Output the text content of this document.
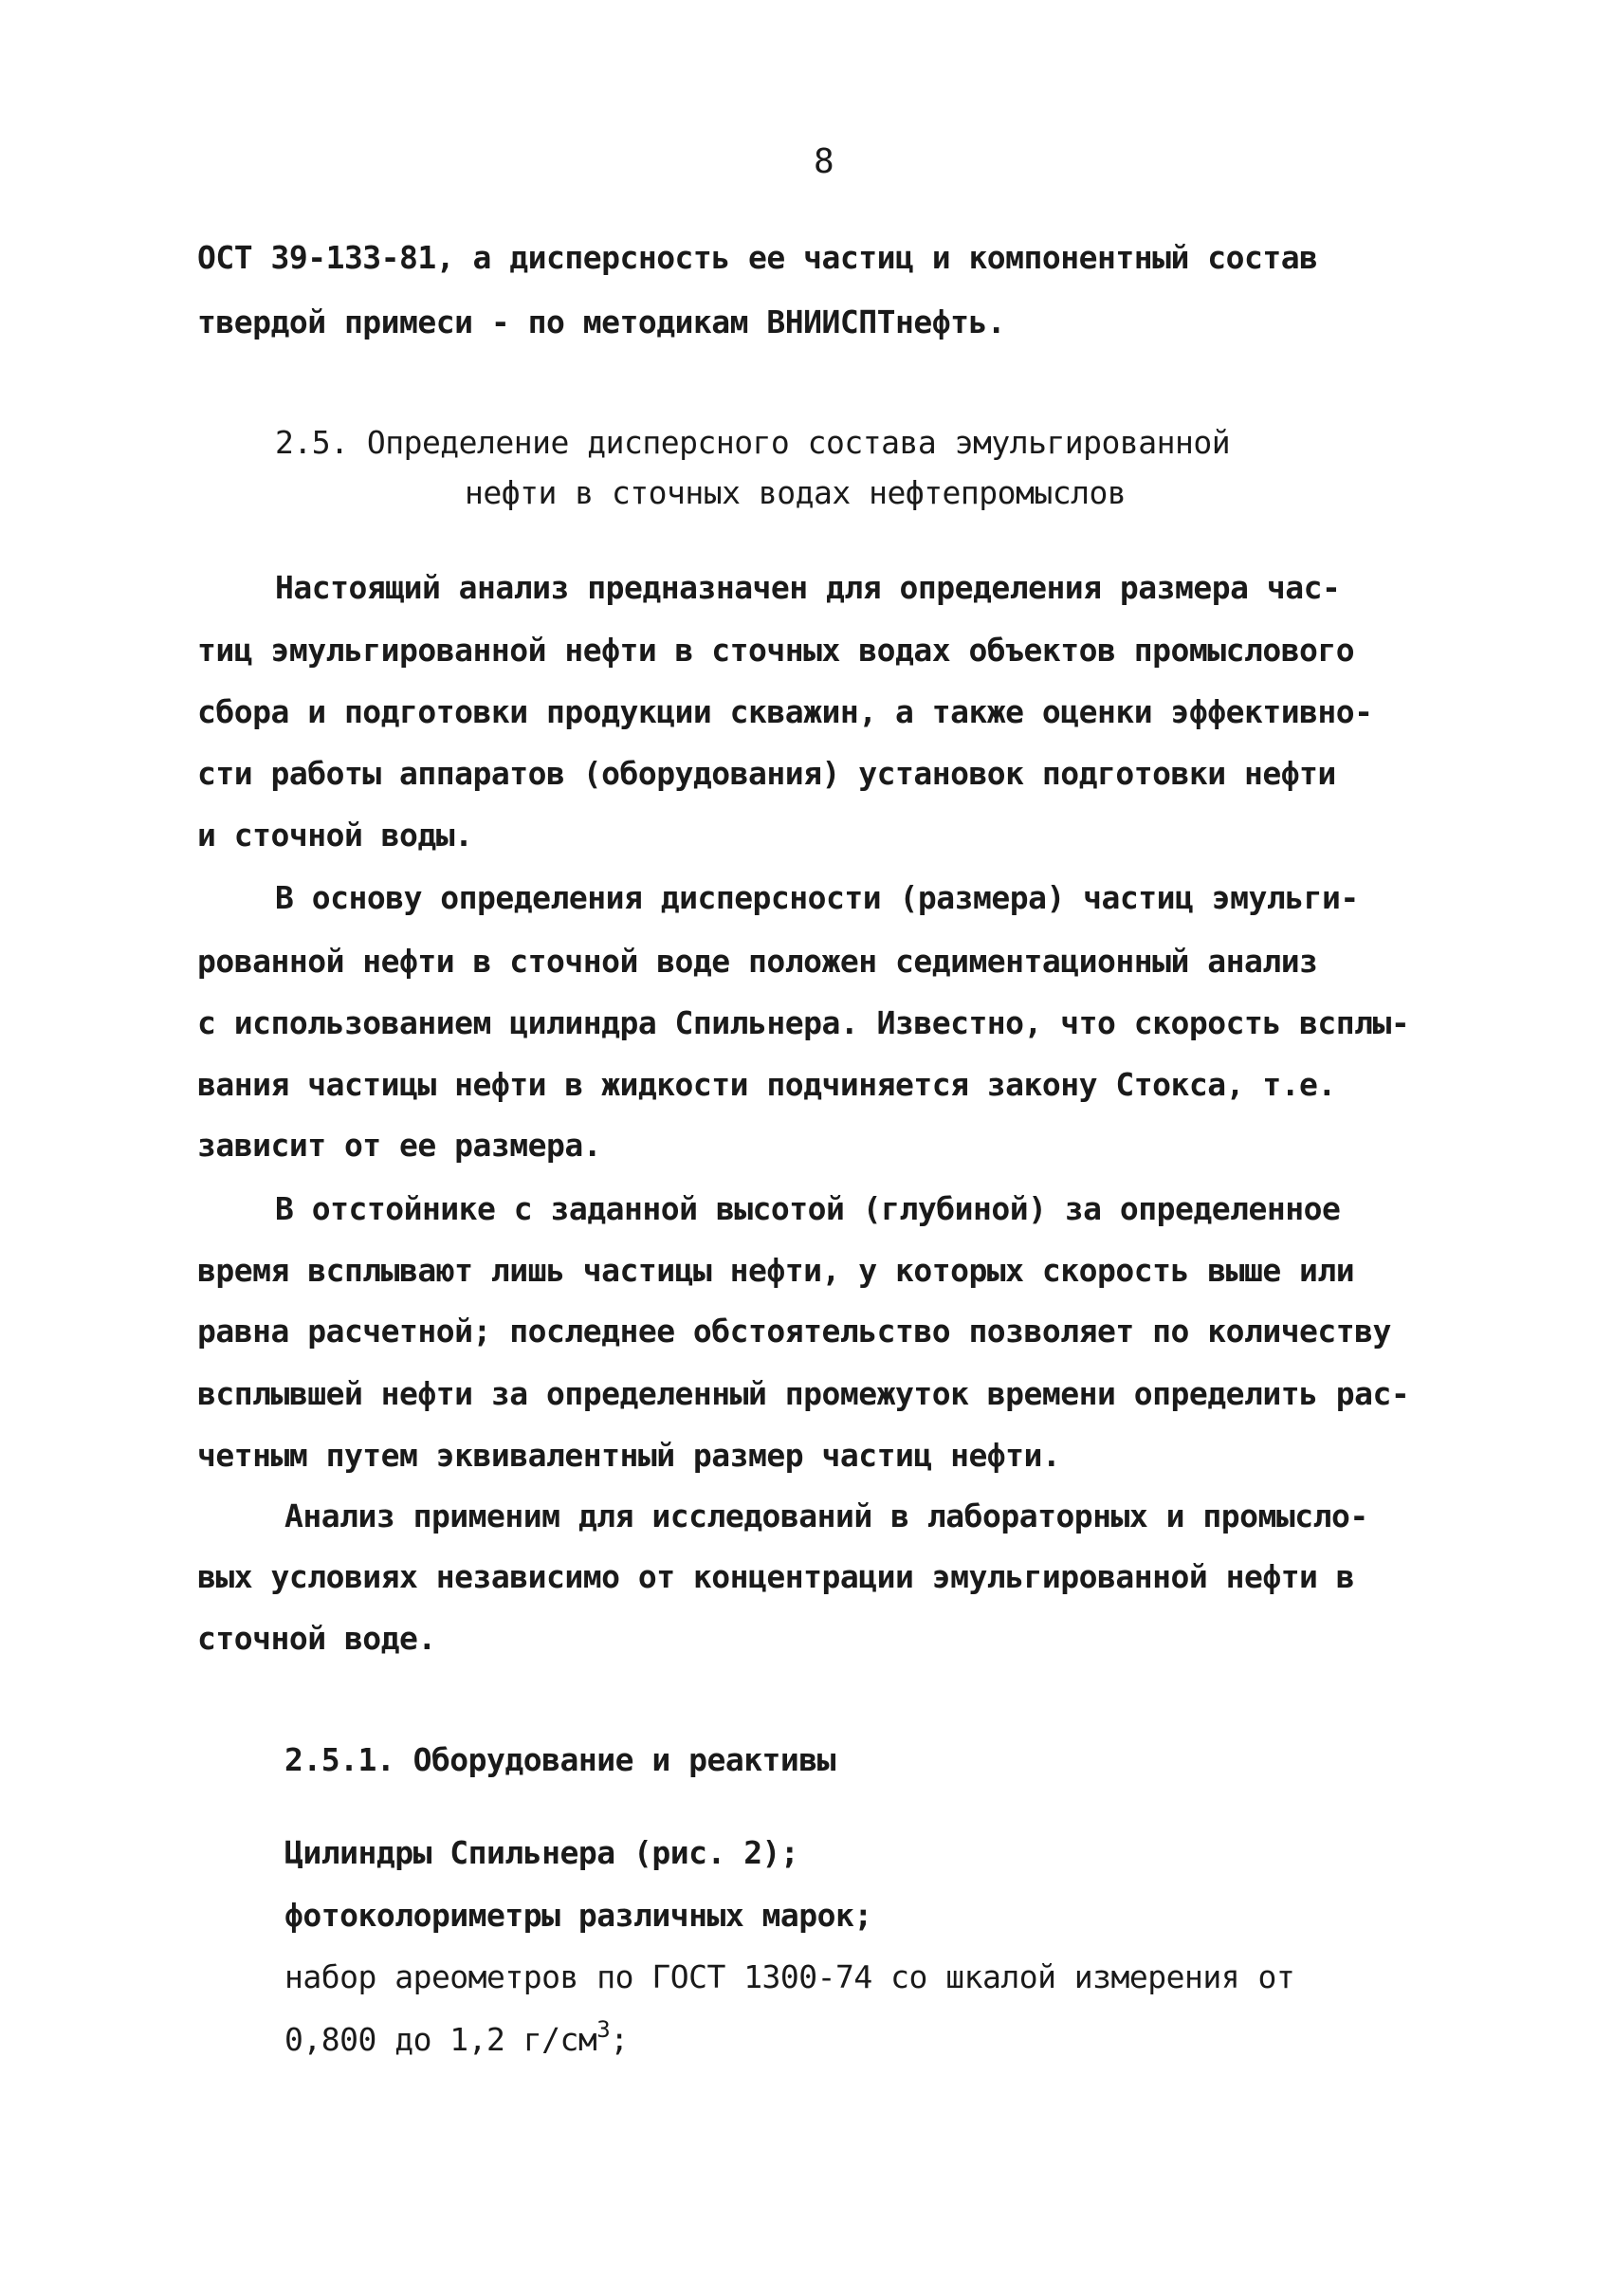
8
ОСТ 39-133-81, а дисперсность ее частиц и компонентный состав
твердой примеси - по методикам ВНИИСПТнефть.
2.5. Определение дисперсного состава эмульгированной
нефти в сточных водах нефтепромыслов
Настоящий анализ предназначен для определения размера час-
тиц эмульгированной нефти в сточных водах объектов промыслового
сбора и подготовки продукции скважин, а также оценки эффективно-
сти работы аппаратов (оборудования) установок подготовки нефти
и сточной воды.
В основу определения дисперсности (размера) частиц эмульги-
рованной нефти в сточной воде положен седиментационный анализ
с использованием цилиндра Спильнера. Известно, что скорость всплы-
вания частицы нефти в жидкости подчиняется закону Стокса, т.е.
зависит от ее размера.
В отстойнике с заданной высотой (глубиной) за определенное
время всплывают лишь частицы нефти, у которых скорость выше или
равна расчетной; последнее обстоятельство позволяет по количеству
всплывшей нефти за определенный промежуток времени определить рас-
четным путем эквивалентный размер частиц нефти.
Анализ применим для исследований в лабораторных и промысло-
вых условиях независимо от концентрации эмульгированной нефти в
сточной воде.
2.5.1. Оборудование и реактивы
Цилиндры Спильнера (рис. 2);
фотоколориметры различных марок;
набор ареометров по ГОСТ 1300-74 со шкалой измерения от
0,800 до 1,2 $г/см^3$;
